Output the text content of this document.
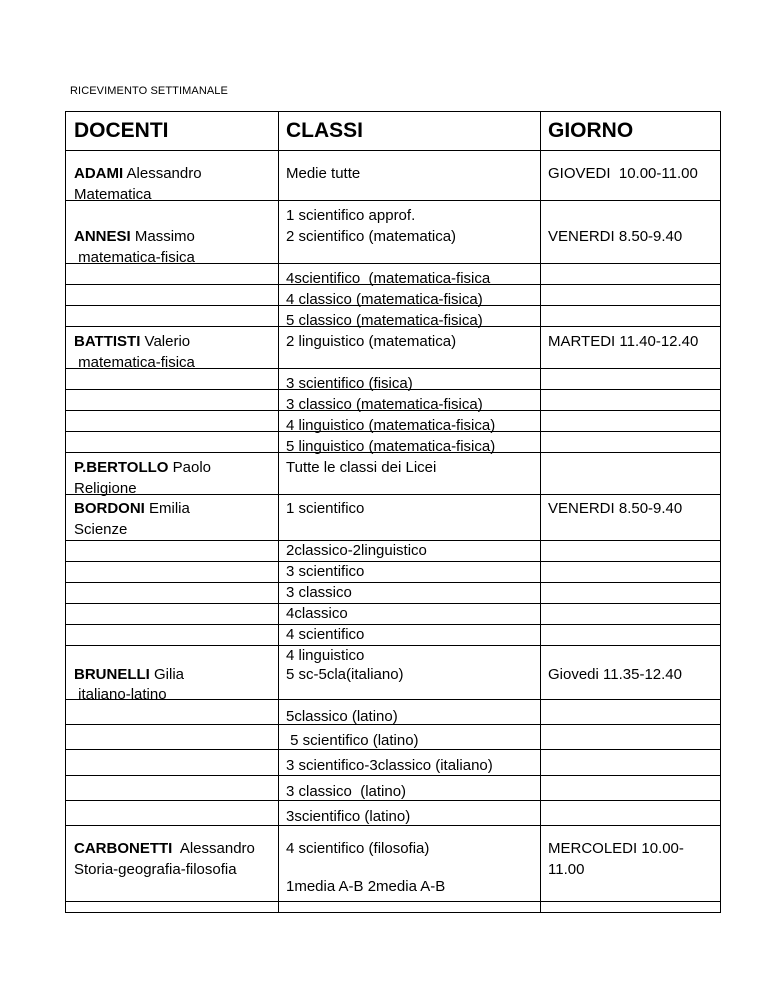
RICEVIMENTO SETTIMANALE
DOCENTI	CLASSI	GIORNO
ADAMI Alessandro
Matematica
ANNESI Massimo
matematica-fisica
BATTISTI Valerio
matematica-fisica
P.BERTOLLO Paolo
Religione
BORDONI Emilia
Scienze
BRUNELLI Gilia
italiano-latino
CARBONETTI  Alessandro
Storia-geografia-filosofia
Medie tutte
1 scientifico approf.
2 scientifico (matematica)
4scientifico  (matematica-fisica
4 classico (matematica-fisica)
5 classico (matematica-fisica)
2 linguistico (matematica)
3 scientifico (fisica)
3 classico (matematica-fisica)
4 linguistico (matematica-fisica)
5 linguistico (matematica-fisica)
Tutte le classi dei Licei
1 scientifico
2classico-2linguistico
3 scientifico
3 classico
4classico
4 scientifico
4 linguistico
5 sc-5cla(italiano)
5classico (latino)
5 scientifico (latino)
3 scientifico-3classico (italiano)
3 classico  (latino)
3scientifico (latino)
4 scientifico (filosofia)
1media A-B 2media A-B
GIOVEDI  10.00-11.00
VENERDI 8.50-9.40
MARTEDI 11.40-12.40
VENERDI 8.50-9.40
Giovedi 11.35-12.40
MERCOLEDI 10.00-
11.00
